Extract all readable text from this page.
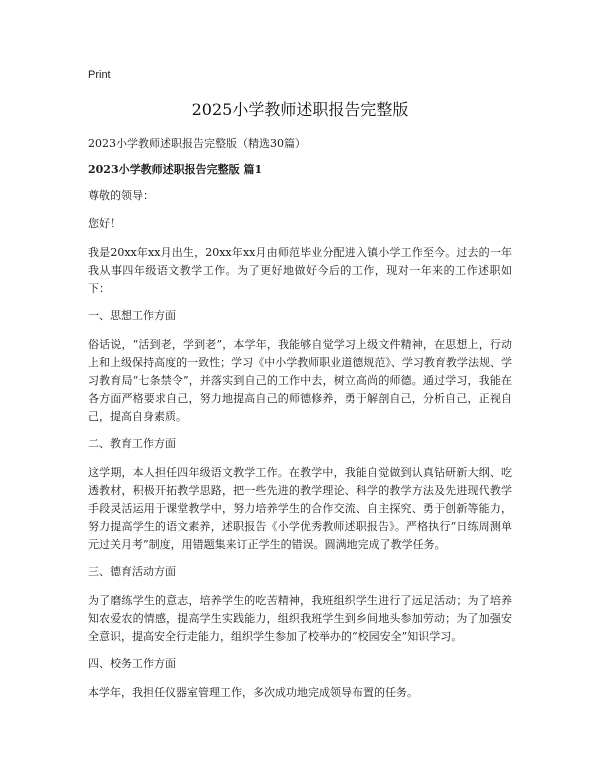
Print
2025小学教师述职报告完整版

2023小学教师述职报告完整版（精选30篇）

2023小学教师述职报告完整版 篇1

尊敬的领导：

您好！

我是20xx年xx月出生，20xx年xx月由师范毕业分配进入镇小学工作至今。过去的一年我从事四年级语文教学工作。为了更好地做好今后的工作，现对一年来的工作述职如下：

一、思想工作方面

俗话说，“活到老，学到老”，本学年，我能够自觉学习上级文件精神，在思想上，行动上和上级保持高度的一致性；学习《中小学教师职业道德规范》、学习教育教学法规、学习教育局“七条禁令”，并落实到自己的工作中去，树立高尚的师德。通过学习，我能在各方面严格要求自己，努力地提高自己的师德修养，勇于解剖自己，分析自己，正视自己，提高自身素质。

二、教育工作方面

这学期，本人担任四年级语文教学工作。在教学中，我能自觉做到认真钻研新大纲、吃透教材，积极开拓教学思路，把一些先进的教学理论、科学的教学方法及先进现代教学手段灵活运用于课堂教学中，努力培养学生的合作交流、自主探究、勇于创新等能力，努力提高学生的语文素养，述职报告《小学优秀教师述职报告》。严格执行“日练周测单元过关月考”制度，用错题集来订正学生的错误。圆满地完成了教学任务。

三、德育活动方面

为了磨练学生的意志，培养学生的吃苦精神，我班组织学生进行了远足活动；为了培养知农爱农的情感，提高学生实践能力，组织我班学生到乡间地头参加劳动；为了加强安全意识，提高安全行走能力，组织学生参加了校举办的“校园安全”知识学习。

四、校务工作方面

本学年，我担任仪器室管理工作，多次成功地完成领导布置的任务。
